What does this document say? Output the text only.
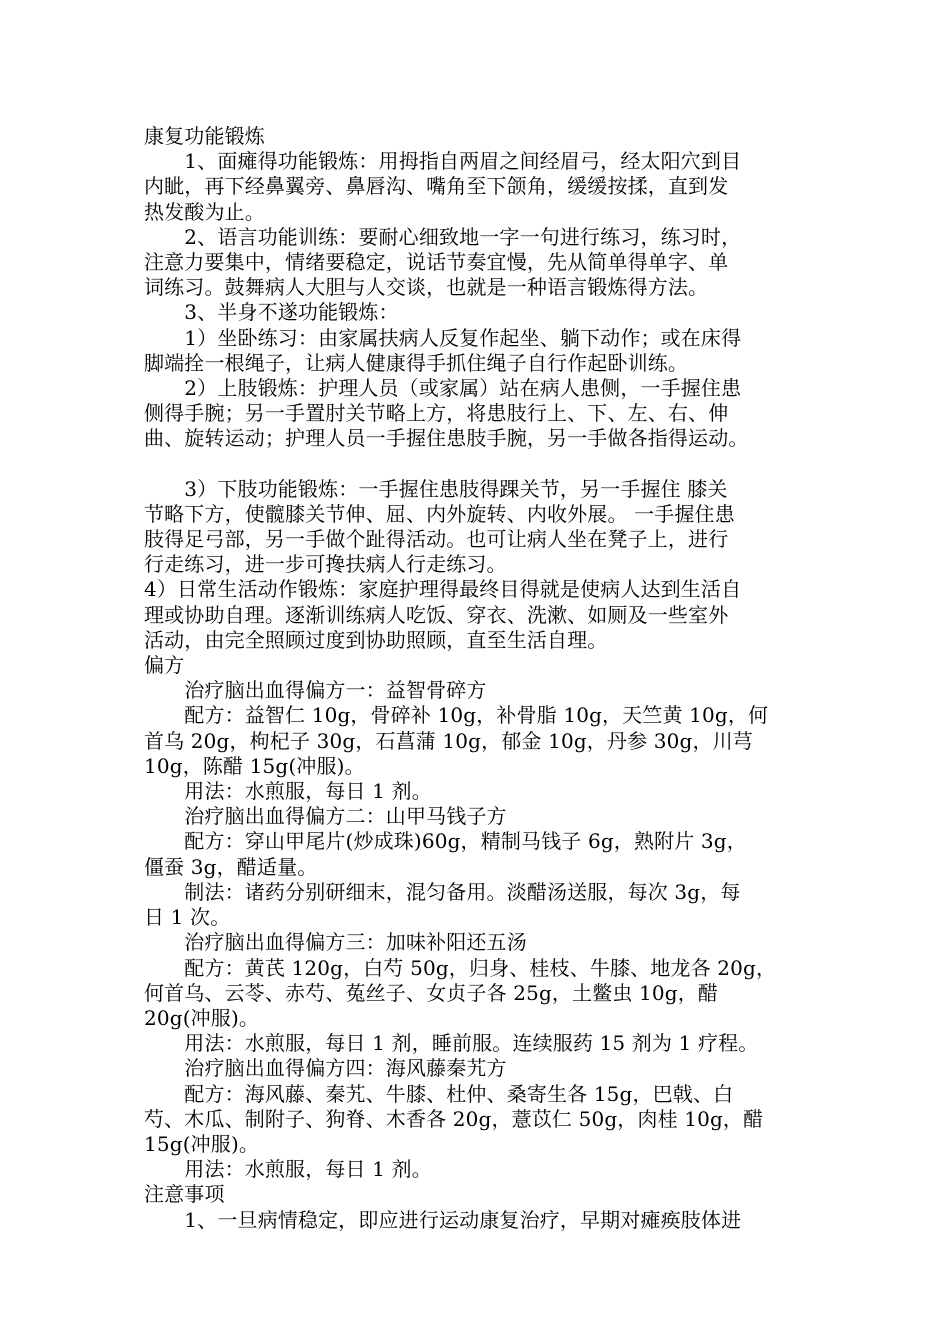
康复功能锻炼
　　1、面瘫得功能锻炼：用拇指自两眉之间经眉弓，经太阳穴到目
内眦，再下经鼻翼旁、鼻唇沟、嘴角至下颌角，缓缓按揉，直到发
热发酸为止。
　　2、语言功能训练：要耐心细致地一字一句进行练习，练习时，
注意力要集中，情绪要稳定，说话节奏宜慢，先从简单得单字、单
词练习。鼓舞病人大胆与人交谈，也就是一种语言锻炼得方法。
　　3、半身不遂功能锻炼：
　　1）坐卧练习：由家属扶病人反复作起坐、躺下动作；或在床得
脚端拴一根绳子，让病人健康得手抓住绳子自行作起卧训练。
　　2）上肢锻炼：护理人员（或家属）站在病人患侧，一手握住患
侧得手腕；另一手置肘关节略上方，将患肢行上、下、左、右、伸
曲、旋转运动；护理人员一手握住患肢手腕，另一手做各指得运动。
　　3）下肢功能锻炼：一手握住患肢得踝关节，另一手握住 膝关
节略下方，使髋膝关节伸、屈、内外旋转、内收外展。 一手握住患
肢得足弓部，另一手做个趾得活动。也可让病人坐在凳子上，进行
行走练习，进一步可搀扶病人行走练习。
4）日常生活动作锻炼：家庭护理得最终目得就是使病人达到生活自
理或协助自理。逐渐训练病人吃饭、穿衣、洗漱、如厕及一些室外
活动，由完全照顾过度到协助照顾，直至生活自理。
偏方
　　治疗脑出血得偏方一：益智骨碎方
　　配方：益智仁 10g，骨碎补 10g，补骨脂 10g，天竺黄 10g，何
首乌 20g，枸杞子 30g，石菖蒲 10g，郁金 10g，丹参 30g，川芎
10g，陈醋 15g(冲服)。
　　用法：水煎服，每日 1 剂。
　　治疗脑出血得偏方二：山甲马钱子方
　　配方：穿山甲尾片(炒成珠)60g，精制马钱子 6g，熟附片 3g，
僵蚕 3g，醋适量。
　　制法：诸药分别研细末，混匀备用。淡醋汤送服，每次 3g，每
日 1 次。
　　治疗脑出血得偏方三：加味补阳还五汤
　　配方：黄芪 120g，白芍 50g，归身、桂枝、牛膝、地龙各 20g，
何首乌、云苓、赤芍、菟丝子、女贞子各 25g，土鳖虫 10g，醋
20g(冲服)。
　　用法：水煎服，每日 1 剂，睡前服。连续服药 15 剂为 1 疗程。
　　治疗脑出血得偏方四：海风藤秦艽方
　　配方：海风藤、秦艽、牛膝、杜仲、桑寄生各 15g，巴戟、白
芍、木瓜、制附子、狗脊、木香各 20g，薏苡仁 50g，肉桂 10g，醋
15g(冲服)。
　　用法：水煎服，每日 1 剂。
注意事项
　　1、一旦病情稳定，即应进行运动康复治疗，早期对瘫痪肢体进
